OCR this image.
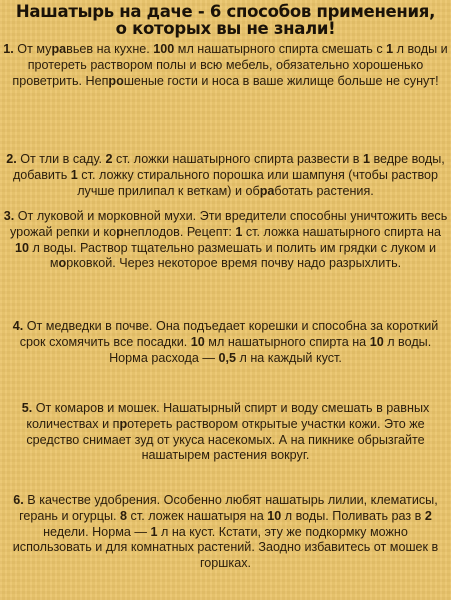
Нашатырь на даче - 6 способов применения,
о которых вы не знали!

1. От муравьев на кухне. 100 мл нашатырного спирта смешать с 1 л воды и протереть раствором полы и всю мебель, обязательно хорошенько проветрить. Непрошеные гости и носа в ваше жилище больше не сунут!

2. От тли в саду. 2 ст. ложки нашатырного спирта развести в 1 ведре воды, добавить 1 ст. ложку стирального порошка или шампуня (чтобы раствор лучше прилипал к веткам) и обработать растения.

3. От луковой и морковной мухи. Эти вредители способны уничтожить весь урожай репки и корнеплодов. Рецепт: 1 ст. ложка нашатырного спирта на 10 л воды. Раствор тщательно размешать и полить им грядки с луком и морковкой. Через некоторое время почву надо разрыхлить.

4. От медведки в почве. Она подъедает корешки и способна за короткий срок схомячить все посадки. 10 мл нашатырного спирта на 10 л воды. Норма расхода — 0,5 л на каждый куст.

5. От комаров и мошек. Нашатырный спирт и воду смешать в равных количествах и протереть раствором открытые участки кожи. Это же средство снимает зуд от укуса насекомых. А на пикнике обрызгайте нашатырем растения вокруг.

6. В качестве удобрения. Особенно любят нашатырь лилии, клематисы, герань и огурцы. 8 ст. ложек нашатыря на 10 л воды. Поливать раз в 2 недели. Норма — 1 л на куст. Кстати, эту же подкормку можно использовать и для комнатных растений. Заодно избавитесь от мошек в горшках.
